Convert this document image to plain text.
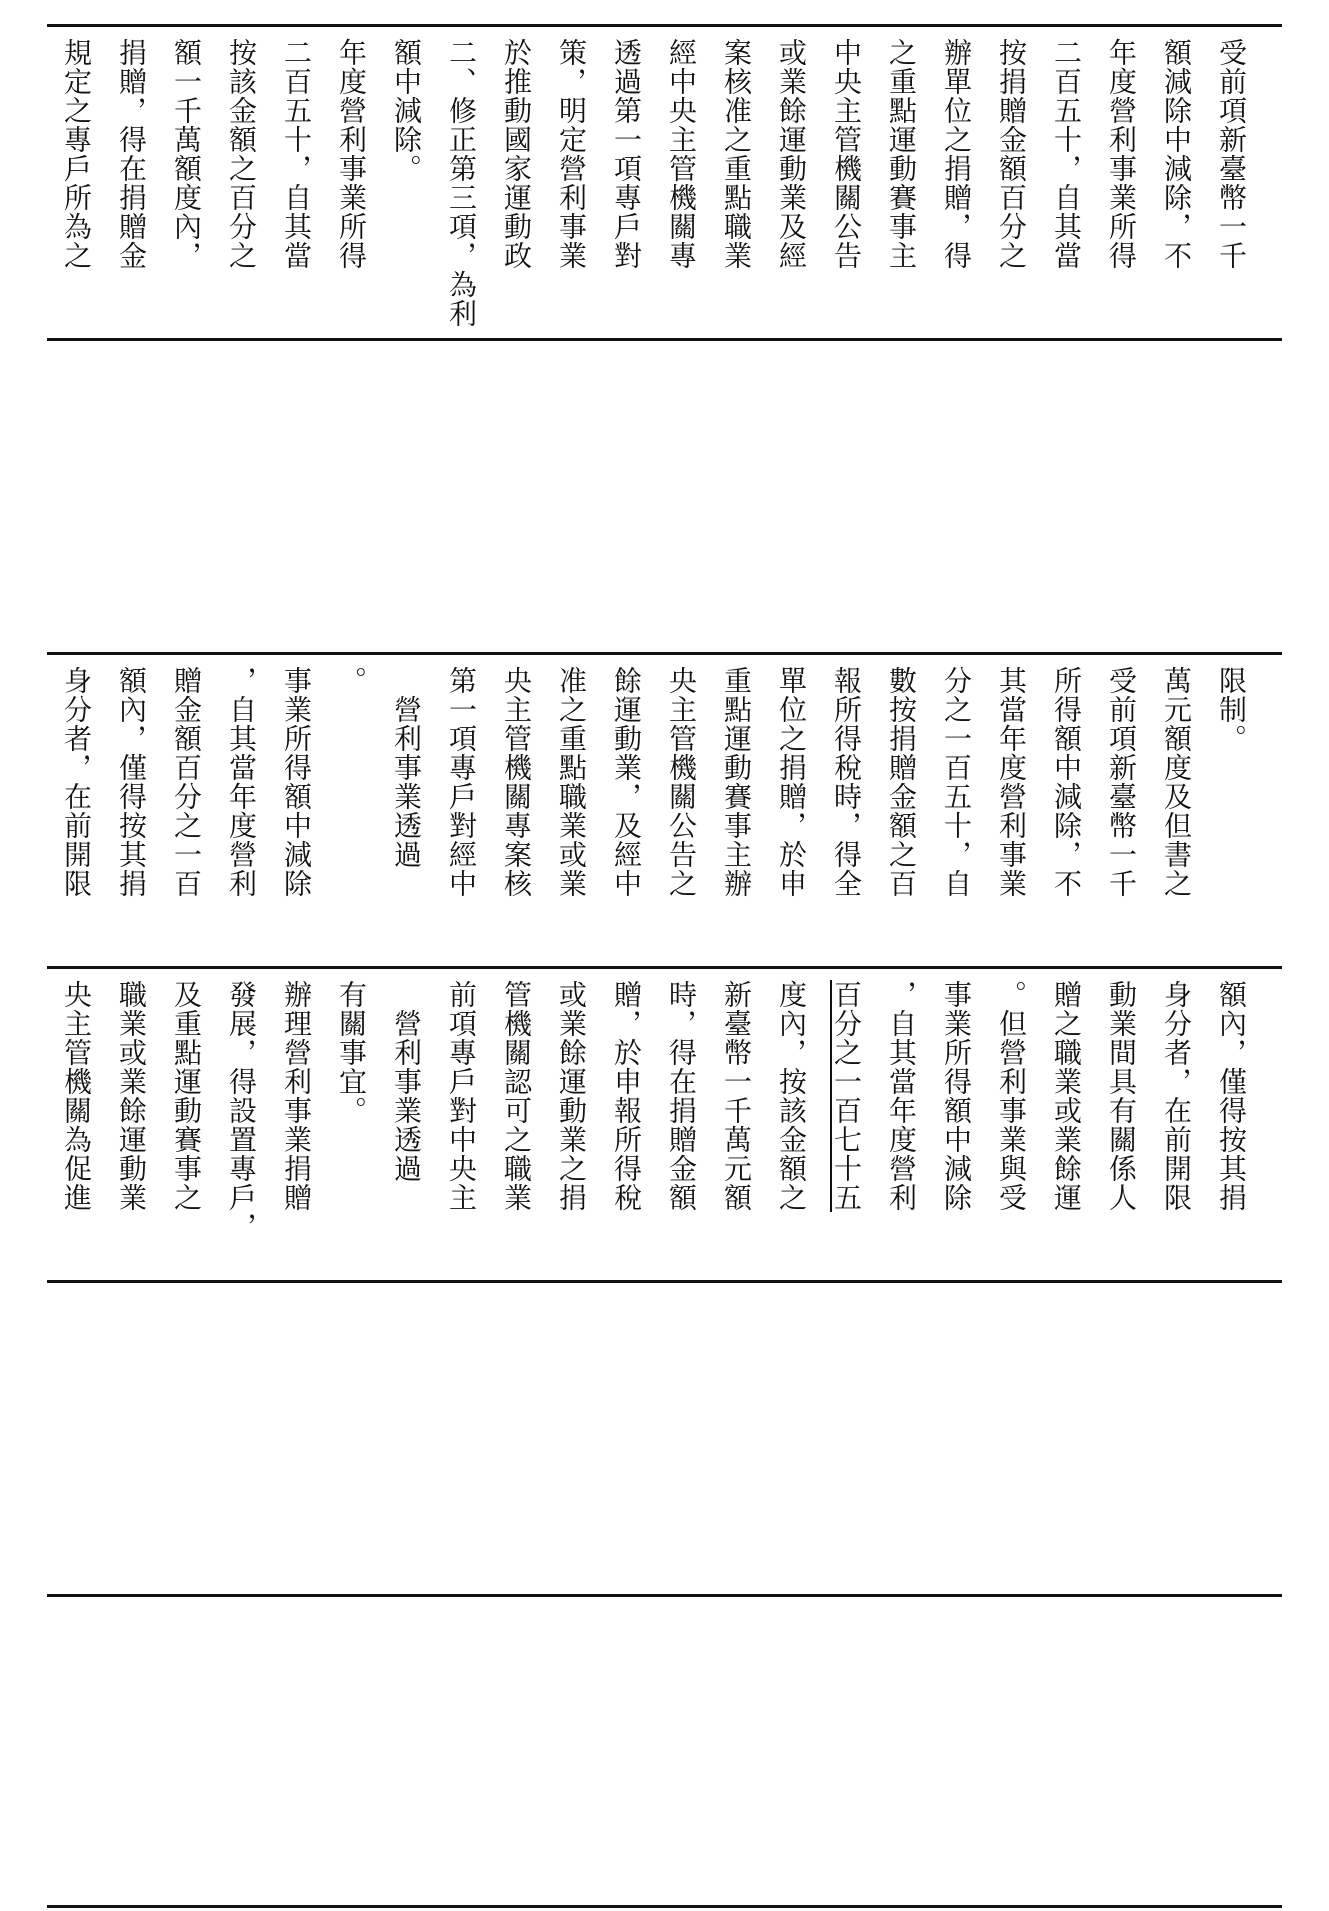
規定之專戶所為之 捐贈，得在捐贈金 額一千萬額度內， 按該金額之百分之 二百五十，自其當 年度營利事業所得 額中減除。 二、修正第三項，為利 於推動國家運動政 策，明定營利事業 透過第一項專戶對 經中央主管機關專 案核准之重點職業 或業餘運動業及經 中央主管機關公告 之重點運動賽事主 辦單位之捐贈，得 按捐贈金額百分之 二百五十，自其當 年度營利事業所得 額減除中減除，不 受前項新臺幣一千
身分者，在前開限 額內，僅得按其捐 贈金額百分之一百 ，自其當年度營利 事業所得額中減除 。 　營利事業透過 第一項專戶對經中 央主管機關專案核 准之重點職業或業 餘運動業，及經中 央主管機關公告之 重點運動賽事主辦 單位之捐贈，於申 報所得稅時，得全 數按捐贈金額之百 分之一百五十，自 其當年度營利事業 所得額中減除，不 受前項新臺幣一千 萬元額度及但書之 限制。
央主管機關為促進 職業或業餘運動業 及重點運動賽事之 發展，得設置專戶， 辦理營利事業捐贈 有關事宜。 　營利事業透過 前項專戶對中央主 管機關認可之職業 或業餘運動業之捐 贈，於申報所得稅 時，得在捐贈金額 新臺幣一千萬元額 度內，按該金額之 百分之一百七十五 ，自其當年度營利 事業所得額中減除 。但營利事業與受 贈之職業或業餘運 動業間具有關係人 身分者，在前開限 額內，僅得按其捐
